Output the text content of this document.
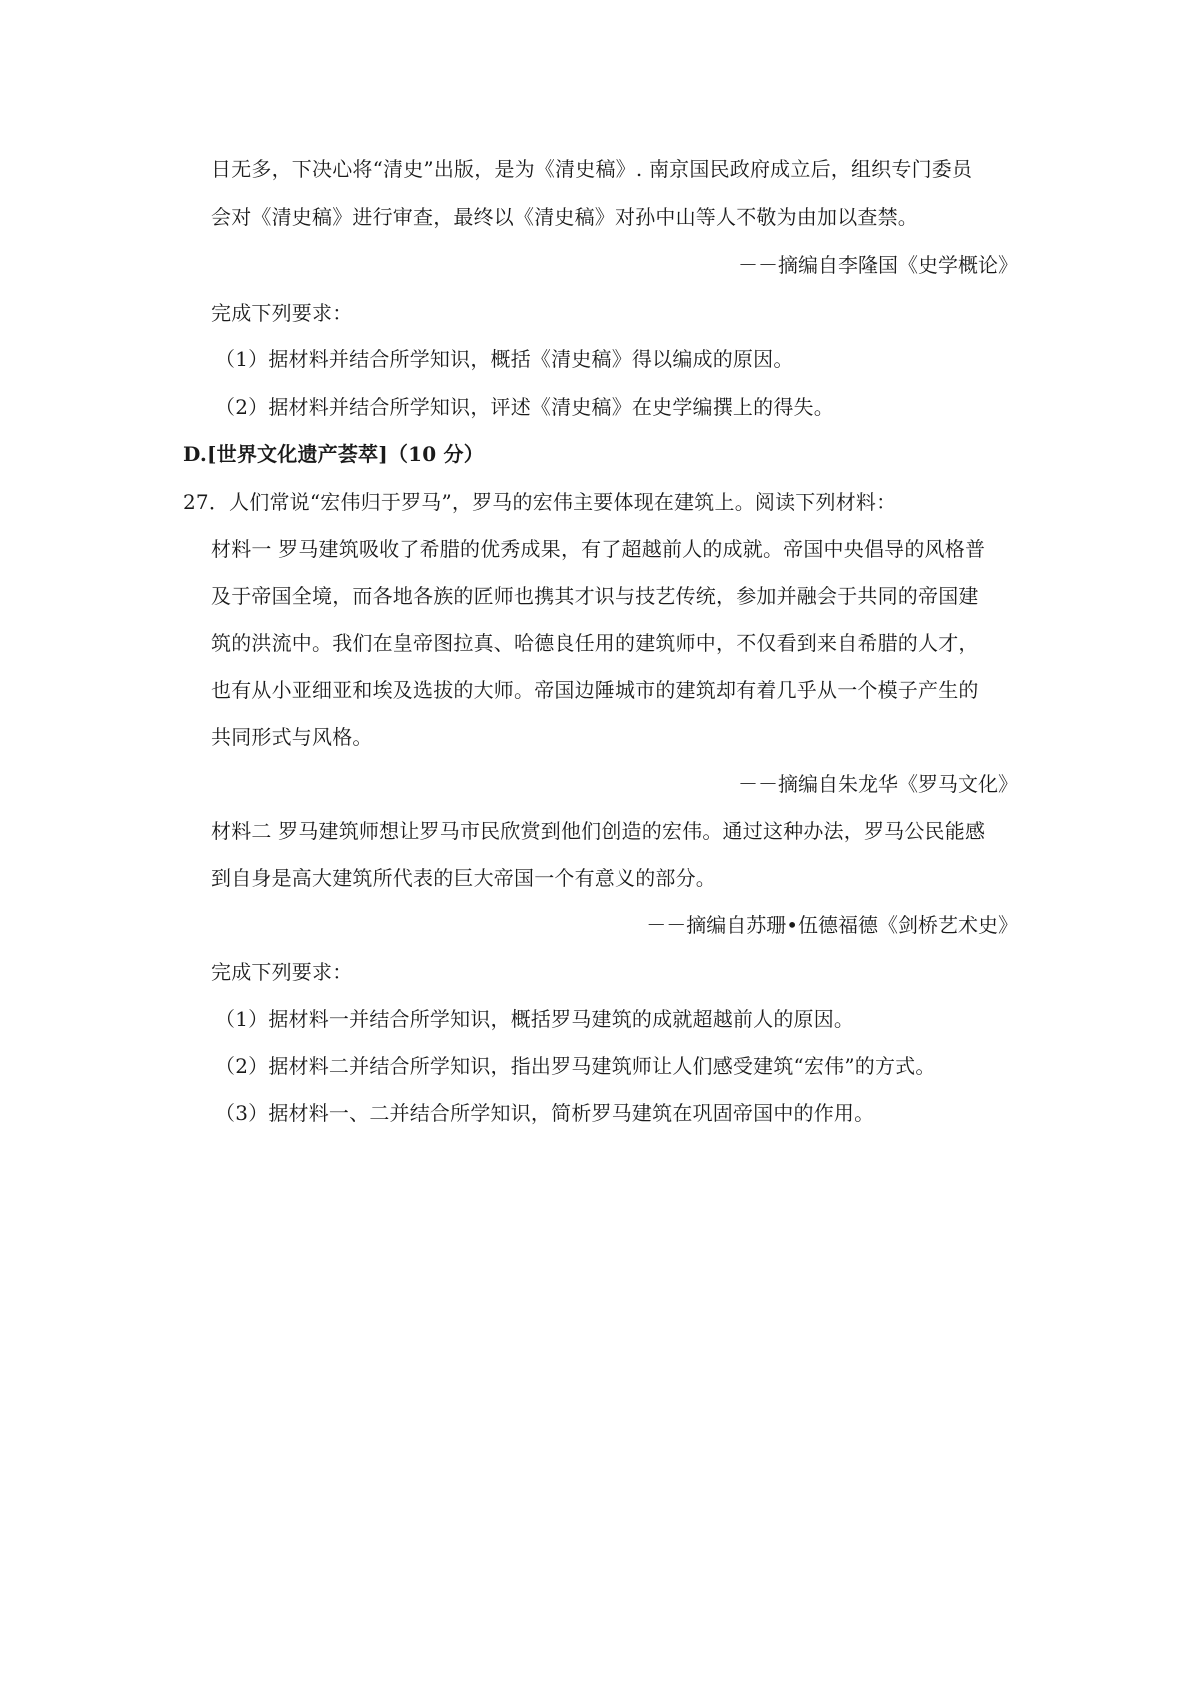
日无多，下决心将“清史”出版，是为《清史稿》. 南京国民政府成立后，组织专门委员
会对《清史稿》进行审查，最终以《清史稿》对孙中山等人不敬为由加以查禁。
－－摘编自李隆国《史学概论》
完成下列要求：
（1）据材料并结合所学知识，概括《清史稿》得以编成的原因。
（2）据材料并结合所学知识，评述《清史稿》在史学编撰上的得失。
D.[世界文化遗产荟萃]（10 分）
27．人们常说“宏伟归于罗马”，罗马的宏伟主要体现在建筑上。阅读下列材料：
材料一 罗马建筑吸收了希腊的优秀成果，有了超越前人的成就。帝国中央倡导的风格普
及于帝国全境，而各地各族的匠师也携其才识与技艺传统，参加并融会于共同的帝国建
筑的洪流中。我们在皇帝图拉真、哈德良任用的建筑师中，不仅看到来自希腊的人才，
也有从小亚细亚和埃及选拔的大师。帝国边陲城市的建筑却有着几乎从一个模子产生的
共同形式与风格。
－－摘编自朱龙华《罗马文化》
材料二 罗马建筑师想让罗马市民欣赏到他们创造的宏伟。通过这种办法，罗马公民能感
到自身是高大建筑所代表的巨大帝国一个有意义的部分。
－－摘编自苏珊•伍德福德《剑桥艺术史》
完成下列要求：
（1）据材料一并结合所学知识，概括罗马建筑的成就超越前人的原因。
（2）据材料二并结合所学知识，指出罗马建筑师让人们感受建筑“宏伟”的方式。
（3）据材料一、二并结合所学知识，简析罗马建筑在巩固帝国中的作用。
